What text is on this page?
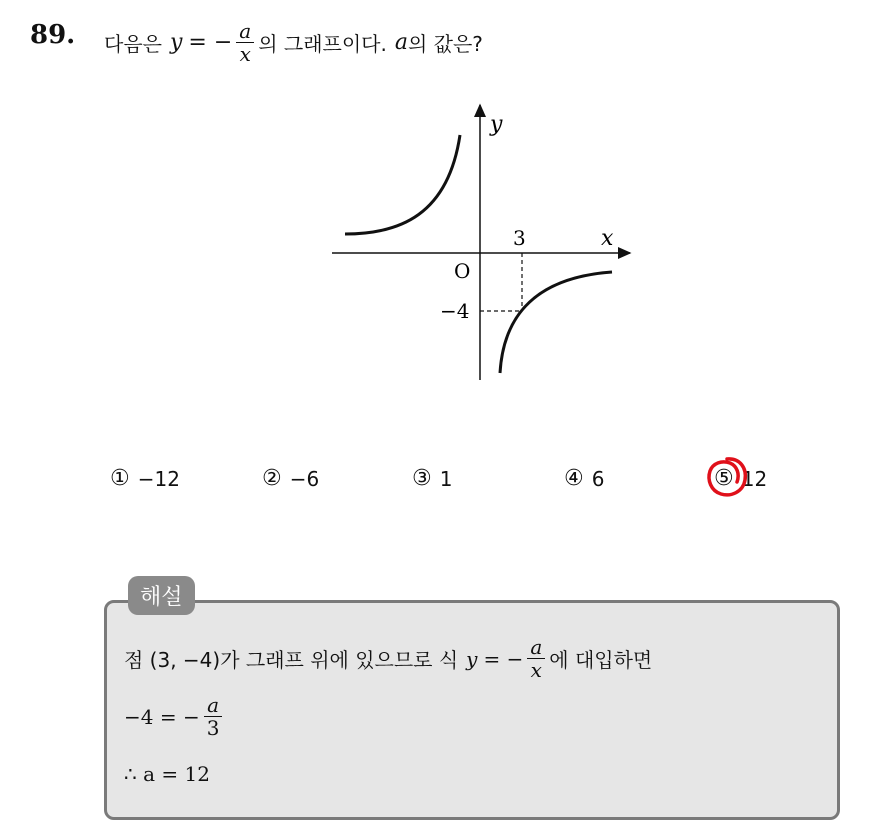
89. 다음은 y = − $\frac{a}{x}$ 의 그래프이다. a 의 값은?
y
x
3
O
−4
① −12	② −6	③ 1	④ 6	⑤ 12
해설
점 (3, −4)가 그래프 위에 있으므로 식 y = − $\frac{a}{x}$ 에 대입하면
−4 = − $\frac{a}{3}$
∴ a = 12
